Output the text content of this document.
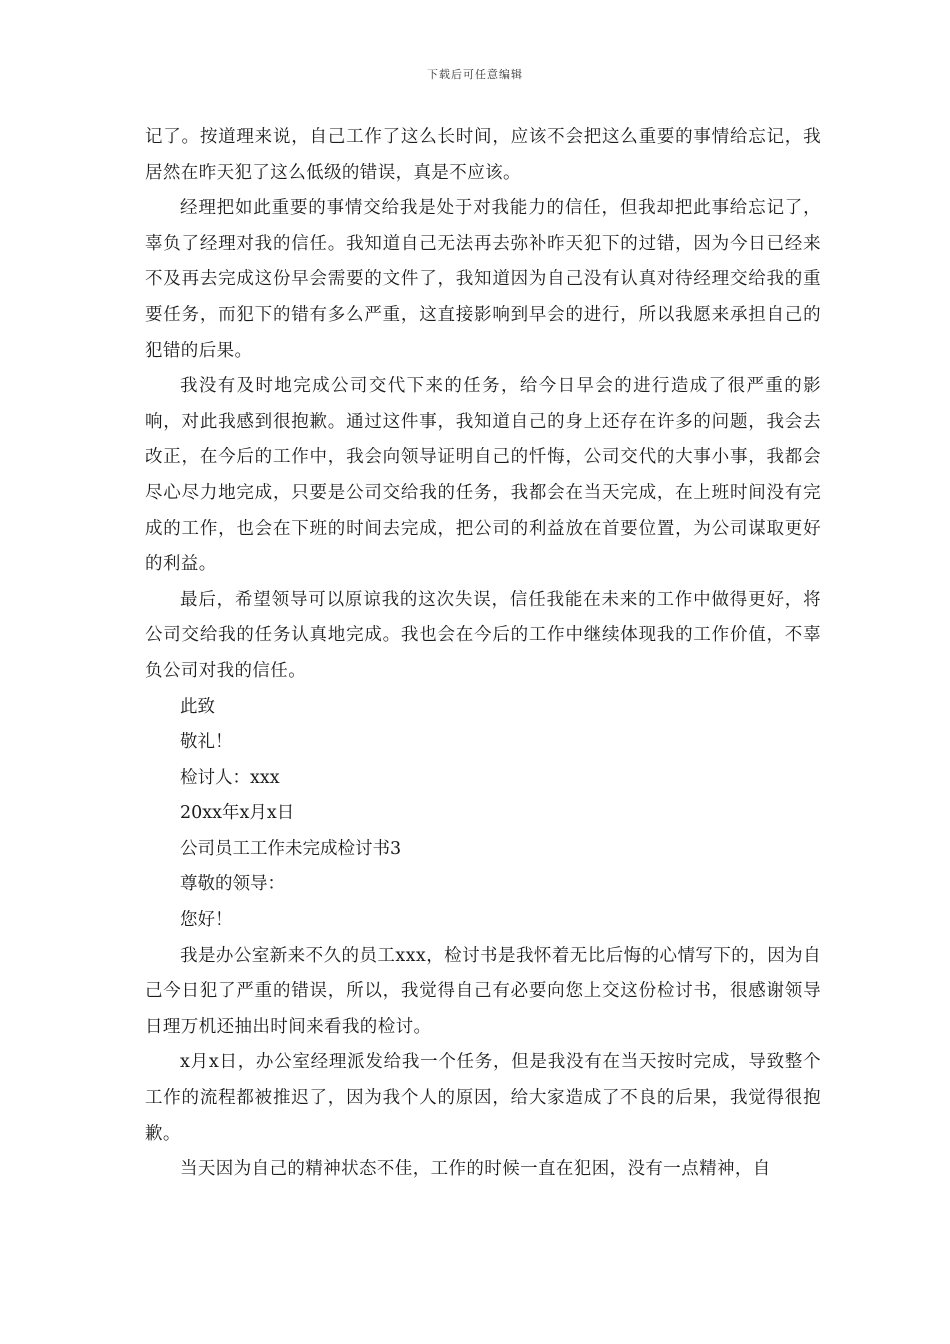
下载后可任意编辑

记了。按道理来说，自己工作了这么长时间，应该不会把这么重要的事情给忘记，我居然在昨天犯了这么低级的错误，真是不应该。

经理把如此重要的事情交给我是处于对我能力的信任，但我却把此事给忘记了，辜负了经理对我的信任。我知道自己无法再去弥补昨天犯下的过错，因为今日已经来不及再去完成这份早会需要的文件了，我知道因为自己没有认真对待经理交给我的重要任务，而犯下的错有多么严重，这直接影响到早会的进行，所以我愿来承担自己的犯错的后果。

我没有及时地完成公司交代下来的任务，给今日早会的进行造成了很严重的影响，对此我感到很抱歉。通过这件事，我知道自己的身上还存在许多的问题，我会去改正，在今后的工作中，我会向领导证明自己的忏悔，公司交代的大事小事，我都会尽心尽力地完成，只要是公司交给我的任务，我都会在当天完成，在上班时间没有完成的工作，也会在下班的时间去完成，把公司的利益放在首要位置，为公司谋取更好的利益。

最后，希望领导可以原谅我的这次失误，信任我能在未来的工作中做得更好，将公司交给我的任务认真地完成。我也会在今后的工作中继续体现我的工作价值，不辜负公司对我的信任。

此致

敬礼！

检讨人：xxx

20xx年x月x日

公司员工工作未完成检讨书3

尊敬的领导：

您好！

我是办公室新来不久的员工xxx，检讨书是我怀着无比后悔的心情写下的，因为自己今日犯了严重的错误，所以，我觉得自己有必要向您上交这份检讨书，很感谢领导日理万机还抽出时间来看我的检讨。

x月x日，办公室经理派发给我一个任务，但是我没有在当天按时完成，导致整个工作的流程都被推迟了，因为我个人的原因，给大家造成了不良的后果，我觉得很抱歉。

当天因为自己的精神状态不佳，工作的时候一直在犯困，没有一点精神，自
